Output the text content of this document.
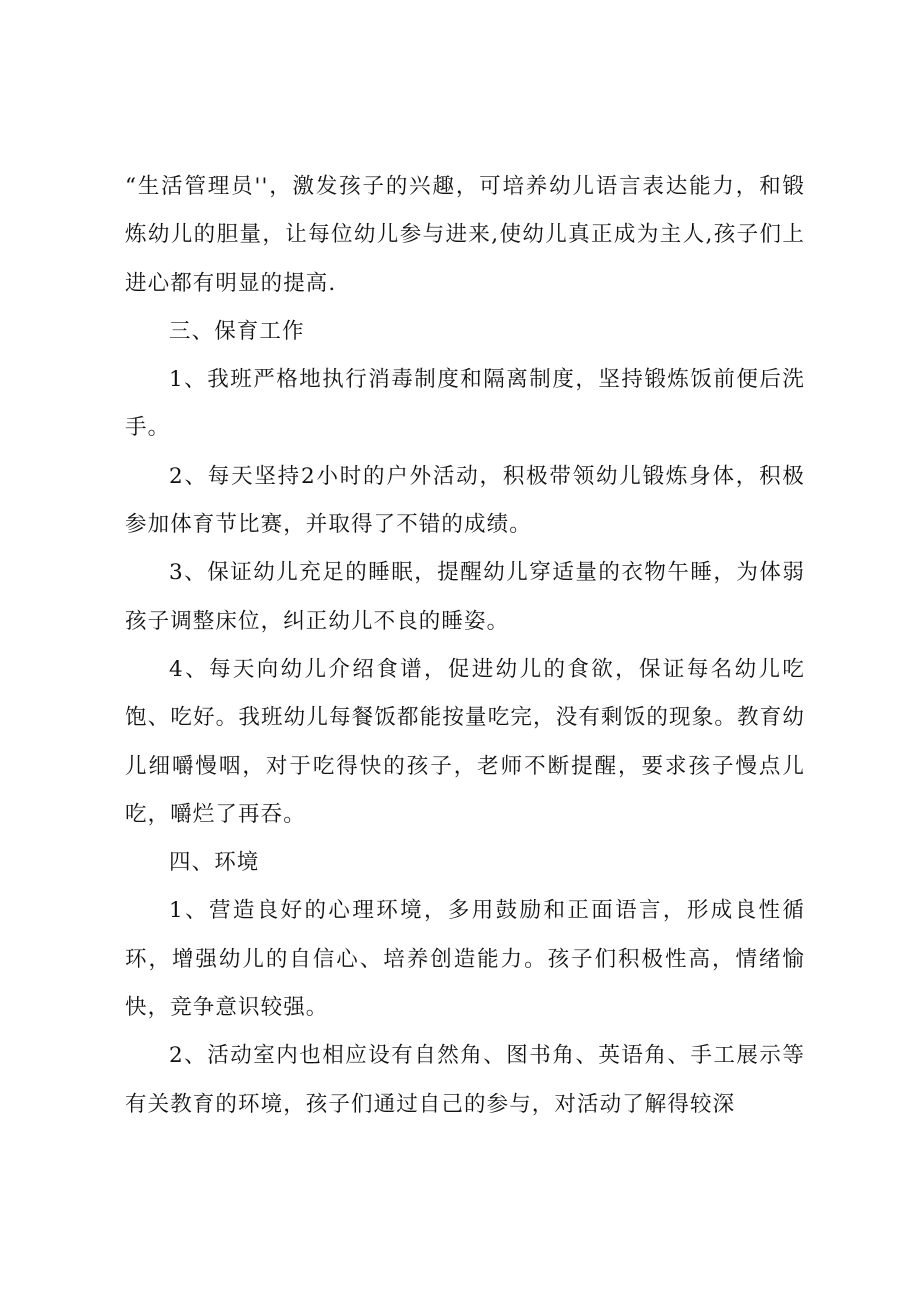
“生活管理员''，激发孩子的兴趣，可培养幼儿语言表达能力，和锻炼幼儿的胆量，让每位幼儿参与进来,使幼儿真正成为主人,孩子们上进心都有明显的提高.

三、保育工作

1、我班严格地执行消毒制度和隔离制度，坚持锻炼饭前便后洗手。

2、每天坚持2小时的户外活动，积极带领幼儿锻炼身体，积极参加体育节比赛，并取得了不错的成绩。

3、保证幼儿充足的睡眠，提醒幼儿穿适量的衣物午睡，为体弱孩子调整床位，纠正幼儿不良的睡姿。

4、每天向幼儿介绍食谱，促进幼儿的食欲，保证每名幼儿吃饱、吃好。我班幼儿每餐饭都能按量吃完，没有剩饭的现象。教育幼儿细嚼慢咽，对于吃得快的孩子，老师不断提醒，要求孩子慢点儿吃，嚼烂了再吞。

四、环境

1、营造良好的心理环境，多用鼓励和正面语言，形成良性循环，增强幼儿的自信心、培养创造能力。孩子们积极性高，情绪愉快，竞争意识较强。

2、活动室内也相应设有自然角、图书角、英语角、手工展示等有关教育的环境，孩子们通过自己的参与，对活动了解得较深
